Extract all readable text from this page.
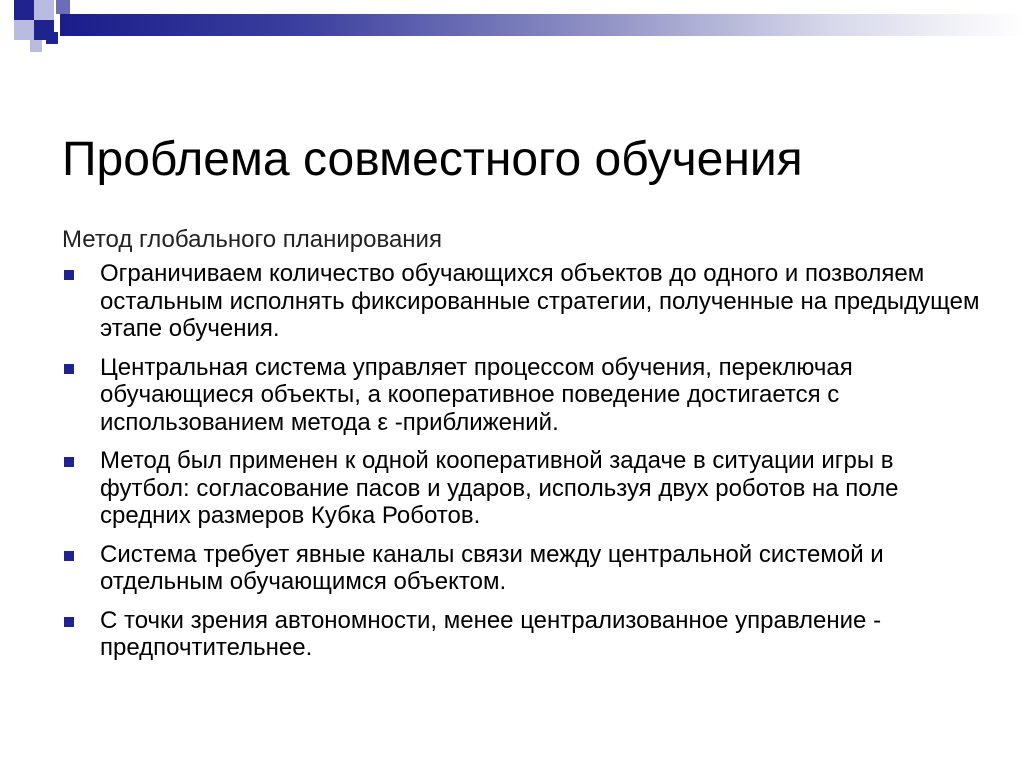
Проблема совместного обучения
Метод глобального планирования
Ограничиваем количество обучающихся объектов до одного и позволяем остальным исполнять фиксированные стратегии, полученные на предыдущем этапе обучения.
Центральная система управляет процессом обучения, переключая обучающиеся объекты, а кооперативное поведение достигается с использованием метода ε -приближений.
Метод был применен к одной кооперативной задаче в ситуации игры в футбол: согласование пасов и ударов, используя двух роботов на поле средних размеров Кубка Роботов.
Система требует явные каналы связи между центральной системой и отдельным обучающимся объектом.
С точки зрения автономности, менее централизованное управление - предпочтительнее.
